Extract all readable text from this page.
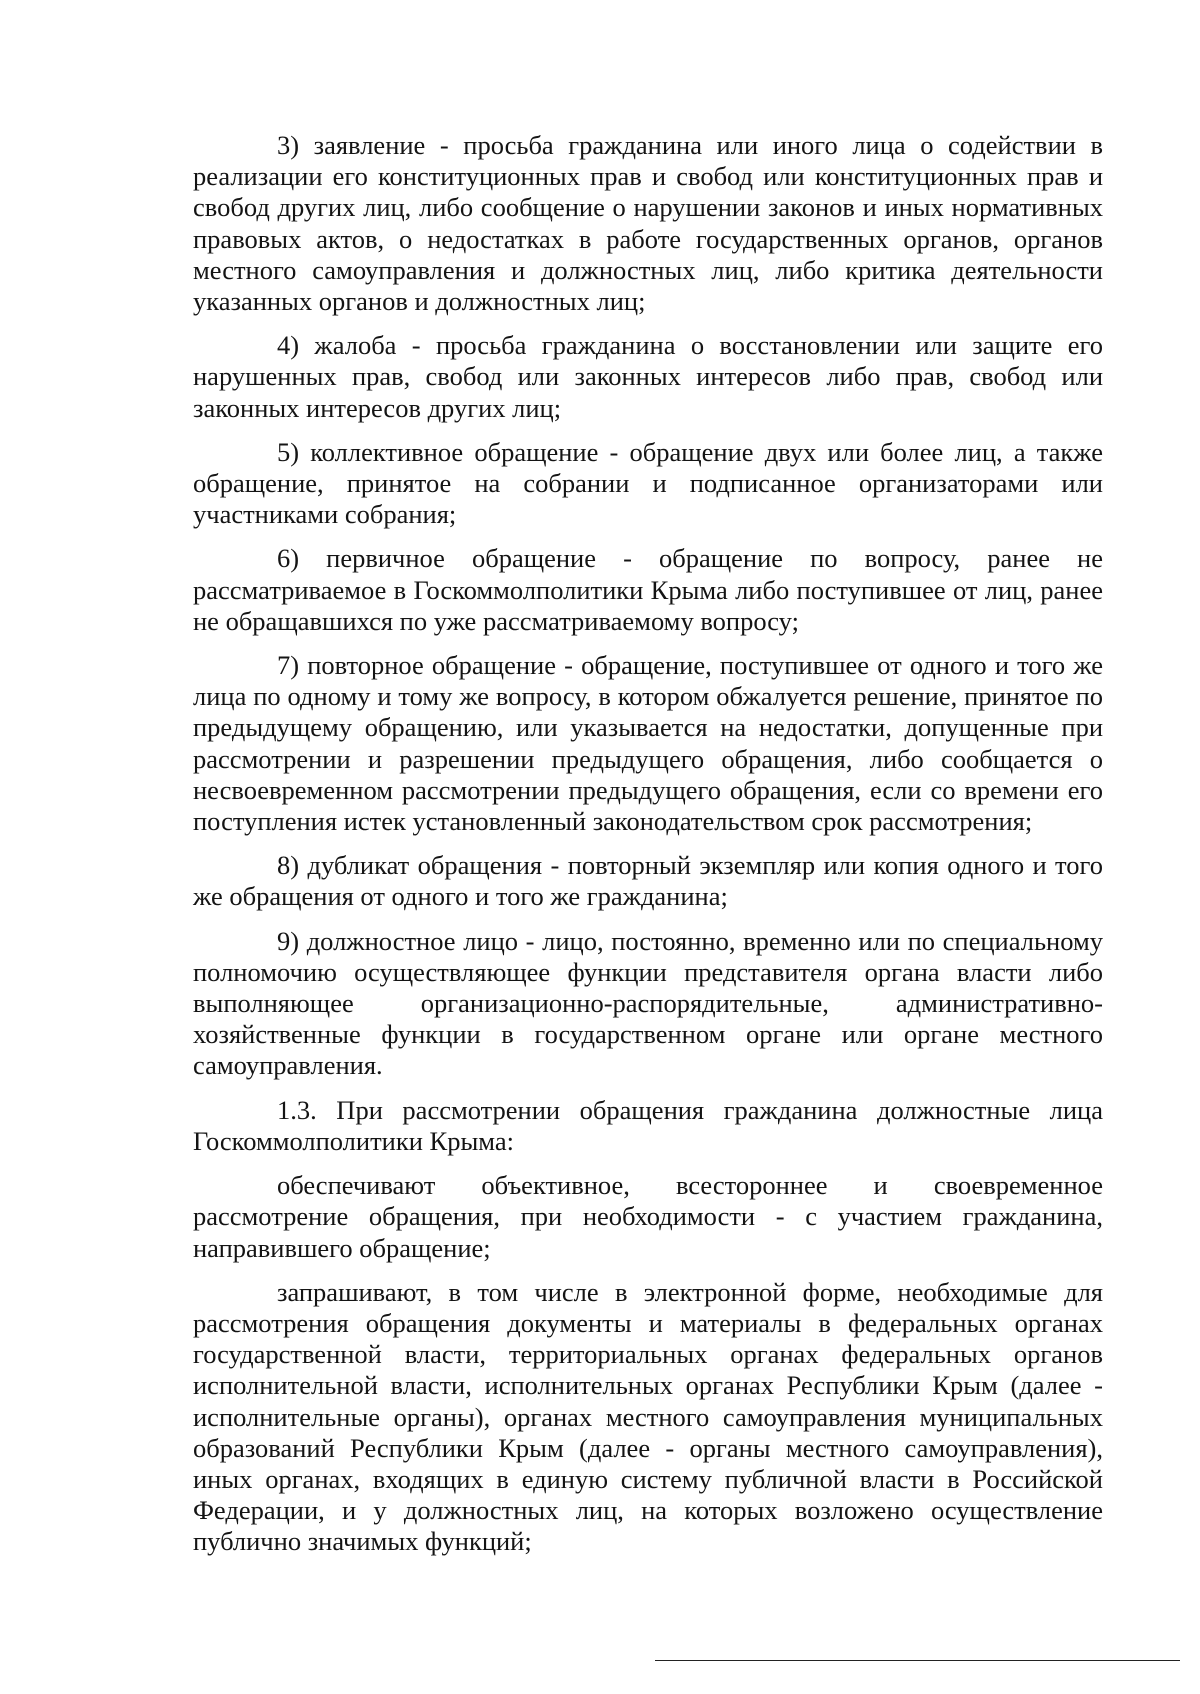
3) заявление - просьба гражданина или иного лица о содействии в реализации его конституционных прав и свобод или конституционных прав и свобод других лиц, либо сообщение о нарушении законов и иных нормативных правовых актов, о недостатках в работе государственных органов, органов местного самоуправления и должностных лиц, либо критика деятельности указанных органов и должностных лиц;

4) жалоба - просьба гражданина о восстановлении или защите его нарушенных прав, свобод или законных интересов либо прав, свобод или законных интересов других лиц;

5) коллективное обращение - обращение двух или более лиц, а также обращение, принятое на собрании и подписанное организаторами или участниками собрания;

6) первичное обращение - обращение по вопросу, ранее не рассматриваемое в Госкоммолполитики Крыма либо поступившее от лиц, ранее не обращавшихся по уже рассматриваемому вопросу;

7) повторное обращение - обращение, поступившее от одного и того же лица по одному и тому же вопросу, в котором обжалуется решение, принятое по предыдущему обращению, или указывается на недостатки, допущенные при рассмотрении и разрешении предыдущего обращения, либо сообщается о несвоевременном рассмотрении предыдущего обращения, если со времени его поступления истек установленный законодательством срок рассмотрения;

8) дубликат обращения - повторный экземпляр или копия одного и того же обращения от одного и того же гражданина;

9) должностное лицо - лицо, постоянно, временно или по специальному полномочию осуществляющее функции представителя органа власти либо выполняющее организационно-распорядительные, административно-хозяйственные функции в государственном органе или органе местного самоуправления.

1.3. При рассмотрении обращения гражданина должностные лица Госкоммолполитики Крыма:

обеспечивают объективное, всестороннее и своевременное рассмотрение обращения, при необходимости - с участием гражданина, направившего обращение;

запрашивают, в том числе в электронной форме, необходимые для рассмотрения обращения документы и материалы в федеральных органах государственной власти, территориальных органах федеральных органов исполнительной власти, исполнительных органах Республики Крым (далее - исполнительные органы), органах местного самоуправления муниципальных образований Республики Крым (далее - органы местного самоуправления), иных органах, входящих в единую систему публичной власти в Российской Федерации, и у должностных лиц, на которых возложено осуществление публично значимых функций;
